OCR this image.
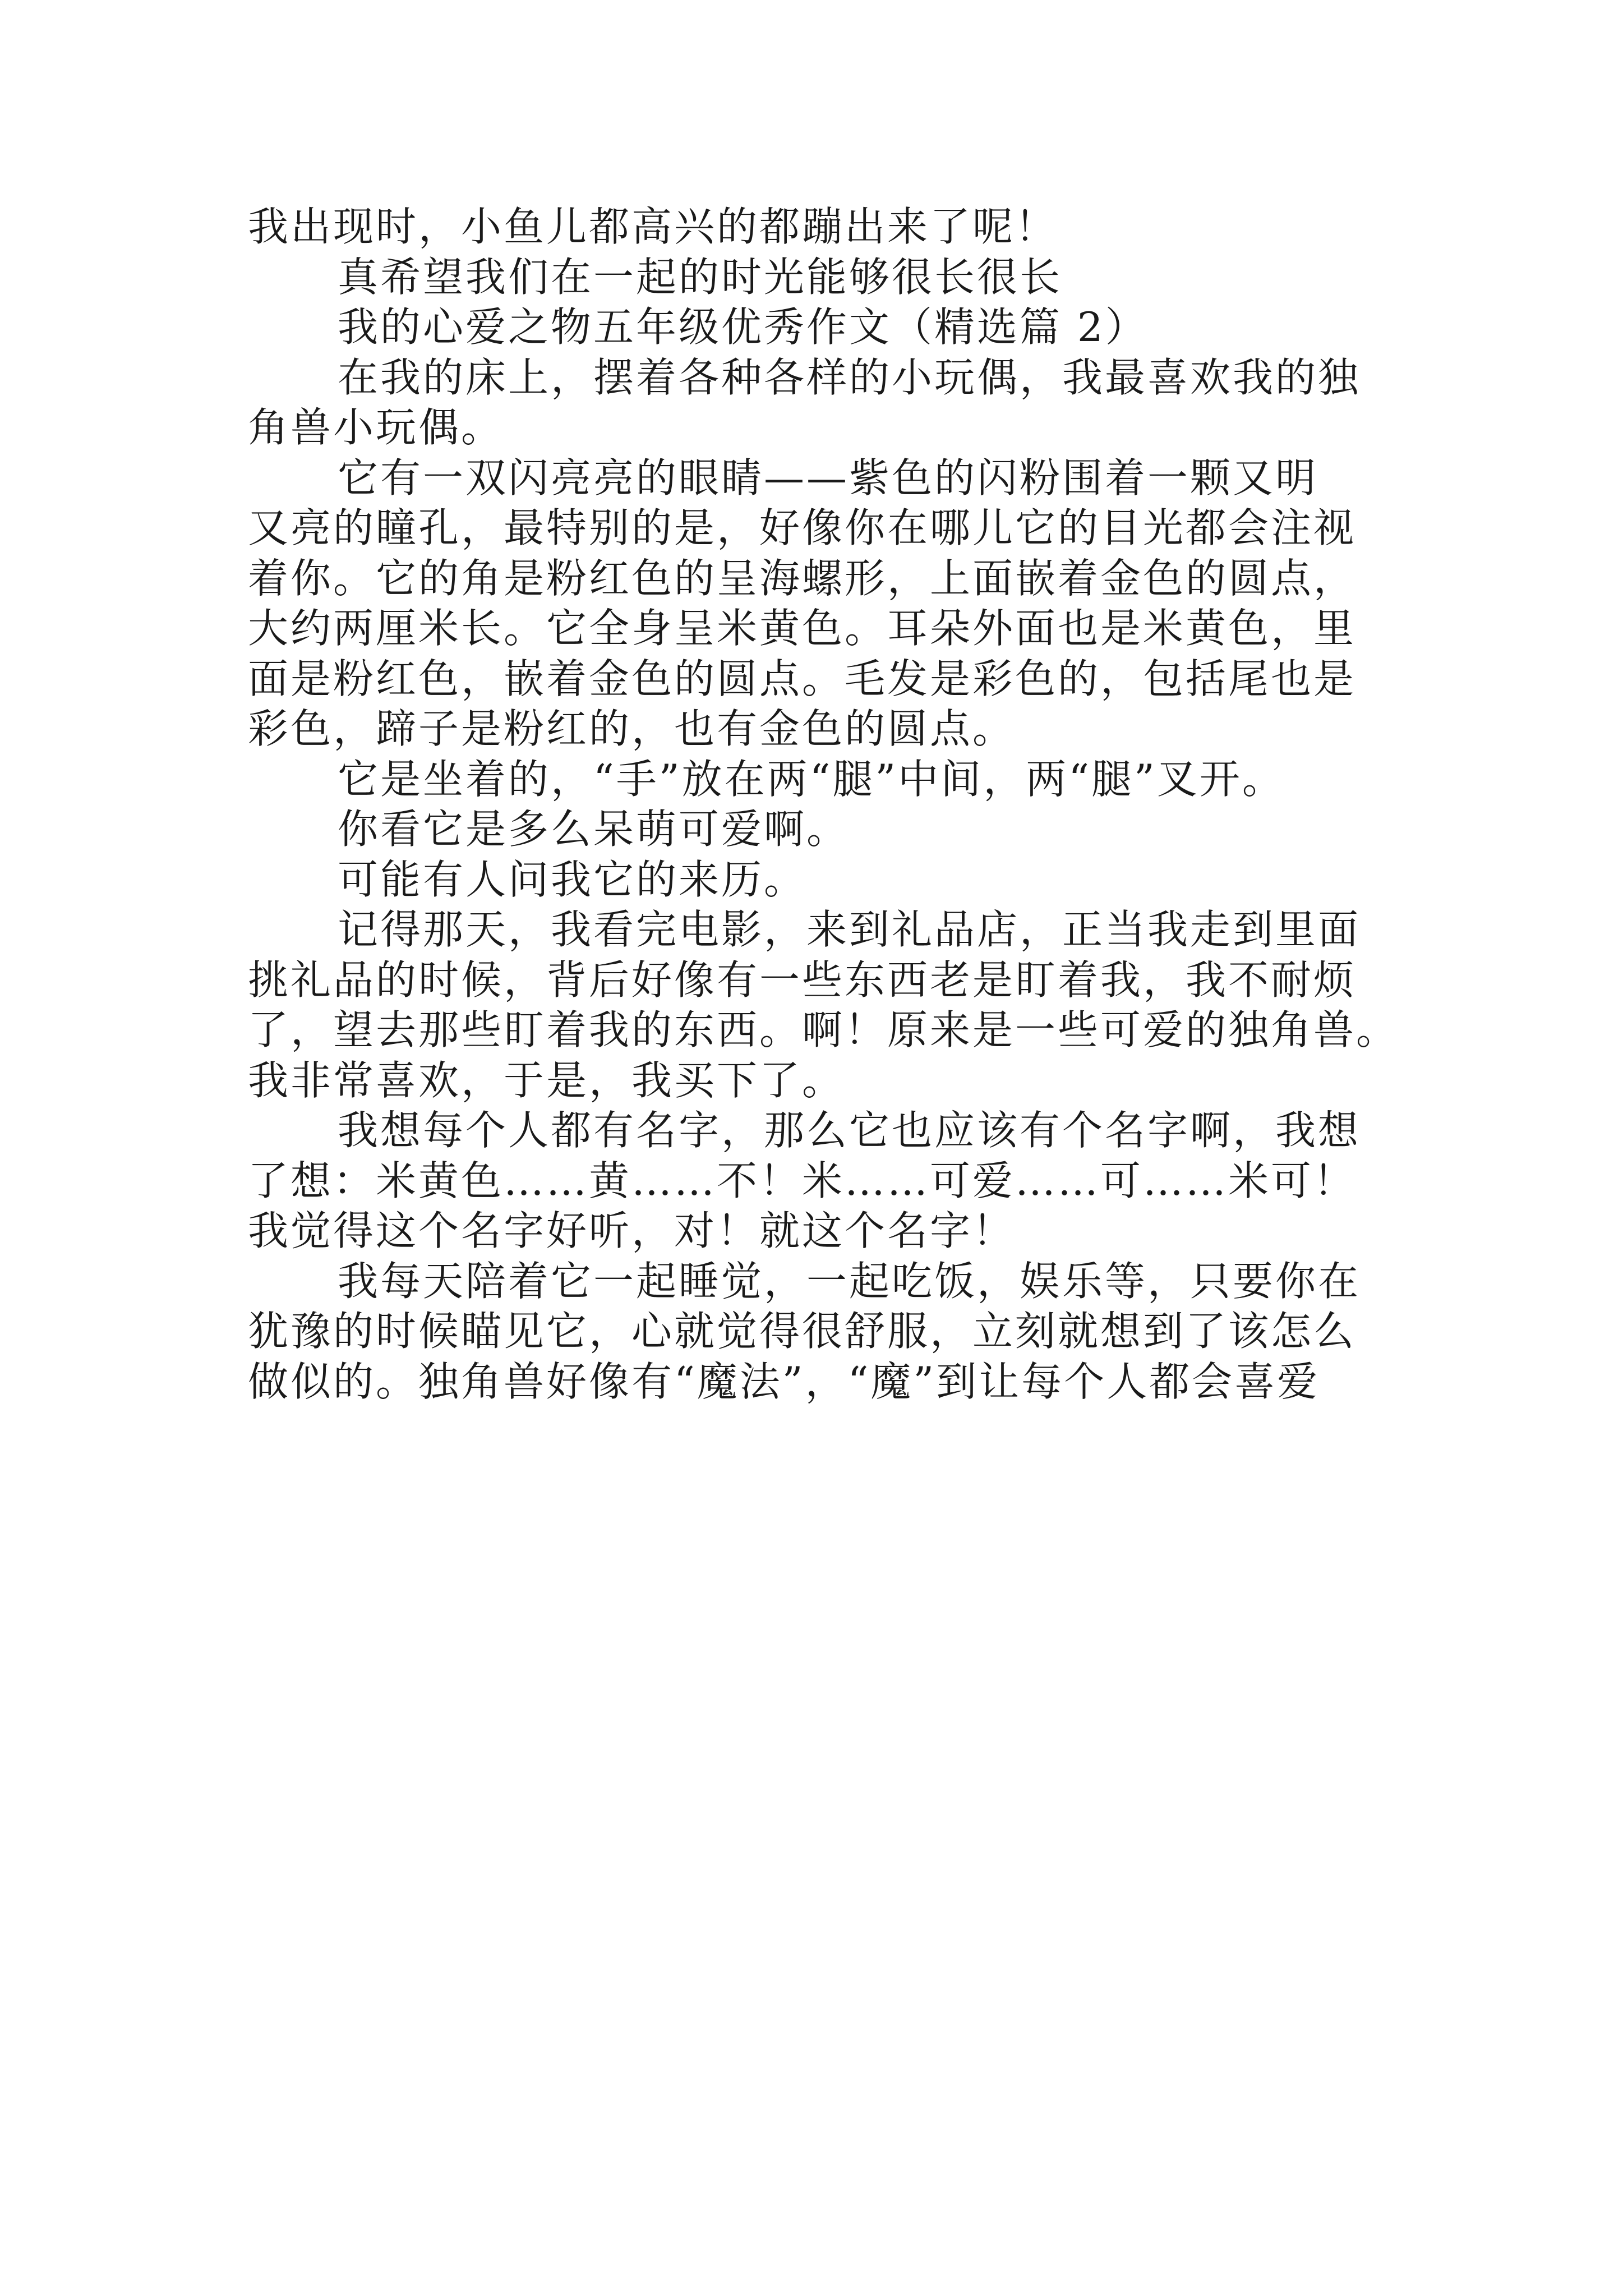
我出现时，小鱼儿都高兴的都蹦出来了呢！

真希望我们在一起的时光能够很长很长

我的心爱之物五年级优秀作文（精选篇 2）

在我的床上，摆着各种各样的小玩偶，我最喜欢我的独

角兽小玩偶。

它有一双闪亮亮的眼睛——紫色的闪粉围着一颗又明

又亮的瞳孔，最特别的是，好像你在哪儿它的目光都会注视

着你。它的角是粉红色的呈海螺形，上面嵌着金色的圆点，

大约两厘米长。它全身呈米黄色。耳朵外面也是米黄色，里

面是粉红色，嵌着金色的圆点。毛发是彩色的，包括尾也是

彩色，蹄子是粉红的，也有金色的圆点。

它是坐着的，“手”放在两“腿”中间，两“腿”叉开。

你看它是多么呆萌可爱啊。

可能有人问我它的来历。

记得那天，我看完电影，来到礼品店，正当我走到里面

挑礼品的时候，背后好像有一些东西老是盯着我，我不耐烦

了，望去那些盯着我的东西。啊！原来是一些可爱的独角兽。

我非常喜欢，于是，我买下了。

我想每个人都有名字，那么它也应该有个名字啊，我想

了想：米黄色……黄……不！米……可爱……可……米可！

我觉得这个名字好听，对！就这个名字！

我每天陪着它一起睡觉，一起吃饭，娱乐等，只要你在

犹豫的时候瞄见它，心就觉得很舒服，立刻就想到了该怎么

做似的。独角兽好像有“魔法”，“魔”到让每个人都会喜爱
